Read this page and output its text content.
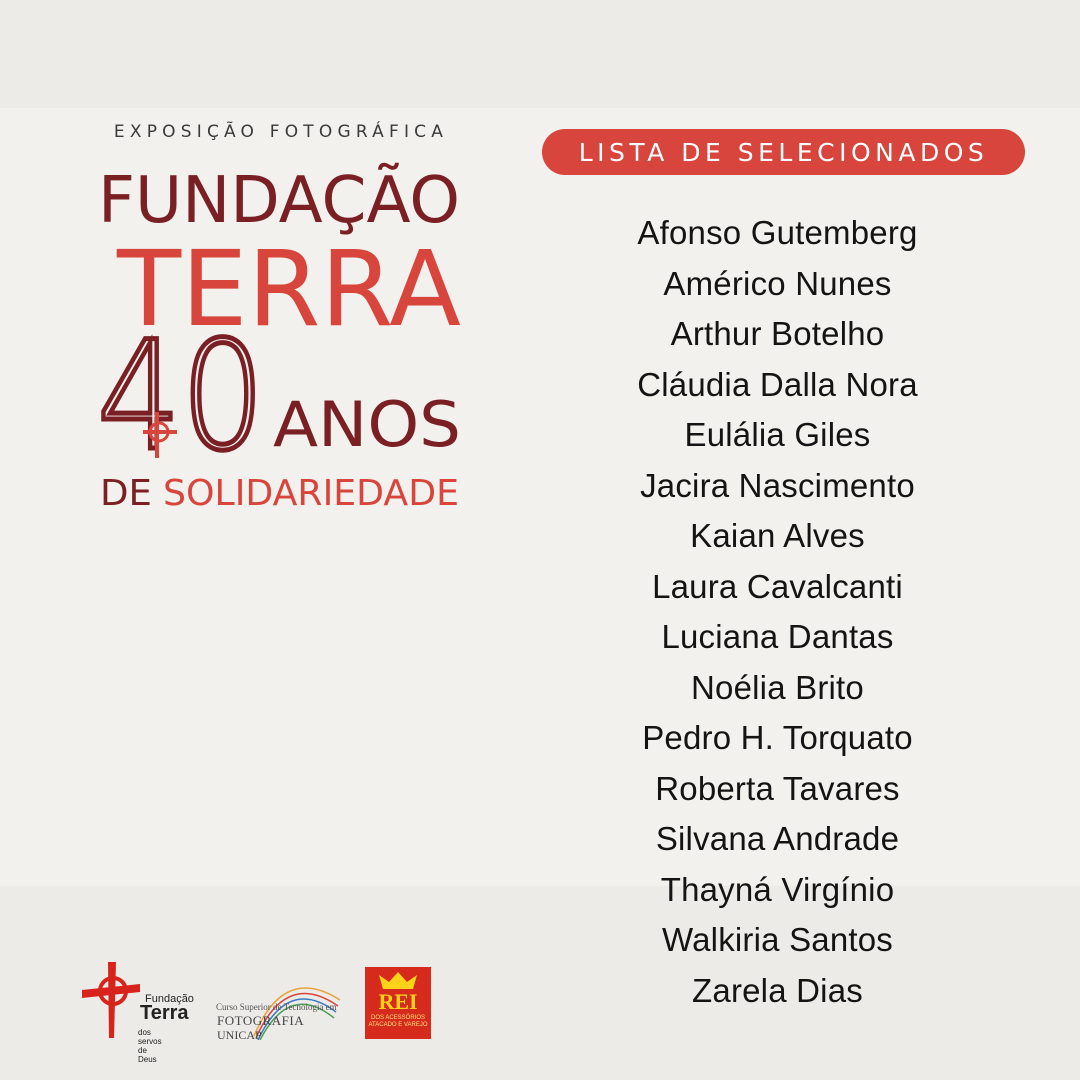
EXPOSIÇÃO FOTOGRÁFICA
FUNDAÇÃO
TERRA
40 ANOS
DE SOLIDARIEDADE
LISTA DE SELECIONADOS
Afonso Gutemberg
Américo Nunes
Arthur Botelho
Cláudia Dalla Nora
Eulália Giles
Jacira Nascimento
Kaian Alves
Laura Cavalcanti
Luciana Dantas
Noélia Brito
Pedro H. Torquato
Roberta Tavares
Silvana Andrade
Thayná Virgínio
Walkiria Santos
Zarela Dias
Fundação
Terra
dos servos de Deus
Curso Superior de Tecnologia em
FOTOGRAFIA
UNICAP
REI
DOS ACESSÓRIOS
ATACADO E VAREJO
